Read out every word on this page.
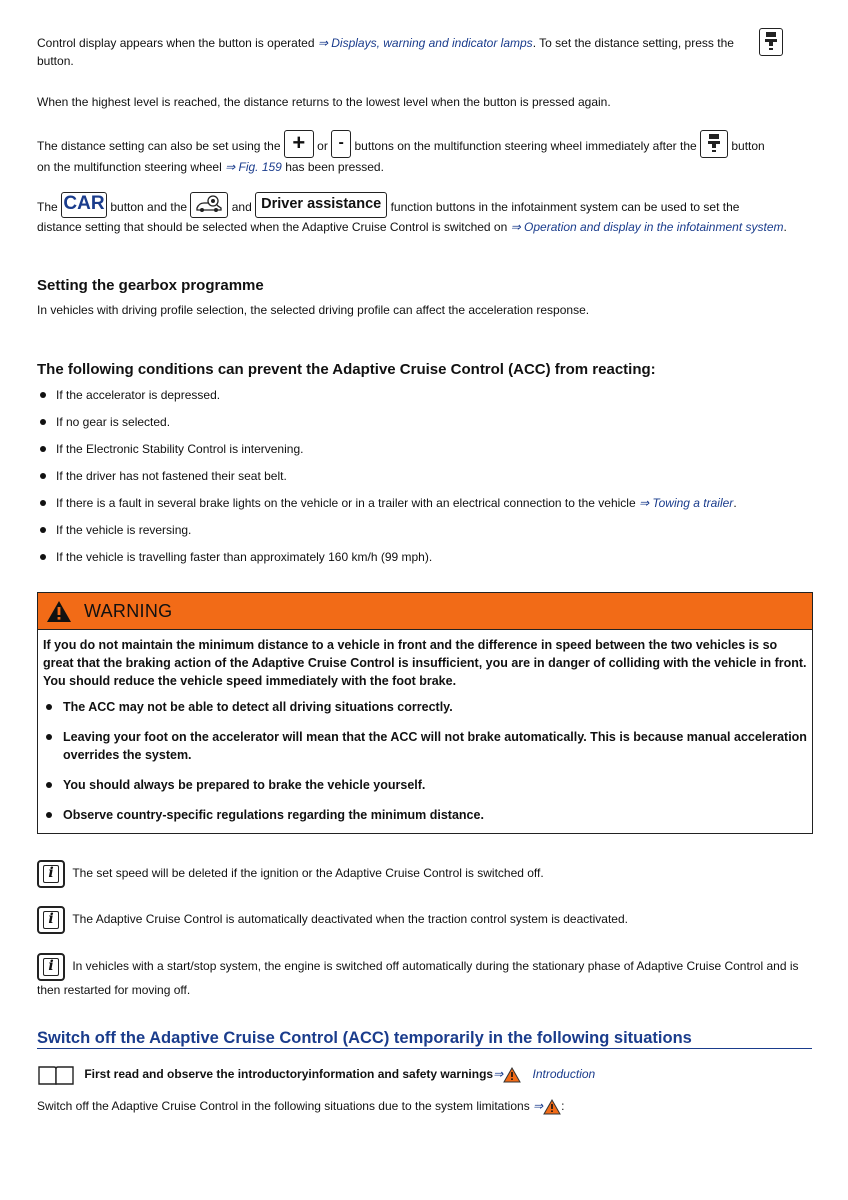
Control display appears when the button is operated ⇒ Displays, warning and indicator lamps. To set the distance setting, press the

button.
When the highest level is reached, the distance returns to the lowest level when the button is pressed again.
The distance setting can also be set using the + or - buttons on the multifunction steering wheel immediately after the  button
on the multifunction steering wheel ⇒ Fig. 159 has been pressed.
The CAR button and the	and Driver assistance function buttons in the infotainment system can be used to set the
distance setting that should be selected when the Adaptive Cruise Control is switched on ⇒ Operation and display in the infotainment system.
Setting the gearbox programme
In vehicles with driving profile selection, the selected driving profile can affect the acceleration response.
The following conditions can prevent the Adaptive Cruise Control (ACC) from reacting:
If the accelerator is depressed.
If no gear is selected.
If the Electronic Stability Control is intervening.
If the driver has not fastened their seat belt.
If there is a fault in several brake lights on the vehicle or in a trailer with an electrical connection to the vehicle ⇒ Towing a trailer.
If the vehicle is reversing.
If the vehicle is travelling faster than approximately 160 km/h (99 mph).
WARNING
If you do not maintain the minimum distance to a vehicle in front and the difference in speed between the two vehicles is so great that the braking action of the Adaptive Cruise Control is insufficient, you are in danger of colliding with the vehicle in front. You should reduce the vehicle speed immediately with the foot brake.
The ACC may not be able to detect all driving situations correctly.
Leaving your foot on the accelerator will mean that the ACC will not brake automatically. This is because manual acceleration overrides the system.
You should always be prepared to brake the vehicle yourself.
Observe country-specific regulations regarding the minimum distance.
i	The set speed will be deleted if the ignition or the Adaptive Cruise Control is switched off.
i	The Adaptive Cruise Control is automatically deactivated when the traction control system is deactivated.
i	In vehicles with a start/stop system, the engine is switched off automatically during the stationary phase of Adaptive Cruise Control and is then restarted for moving off.
Switch off the Adaptive Cruise Control (ACC) temporarily in the following situations
First read and observe the introductoryinformation and safety warnings⇒ Introduction
Switch off the Adaptive Cruise Control in the following situations due to the system limitations ⇒ :
